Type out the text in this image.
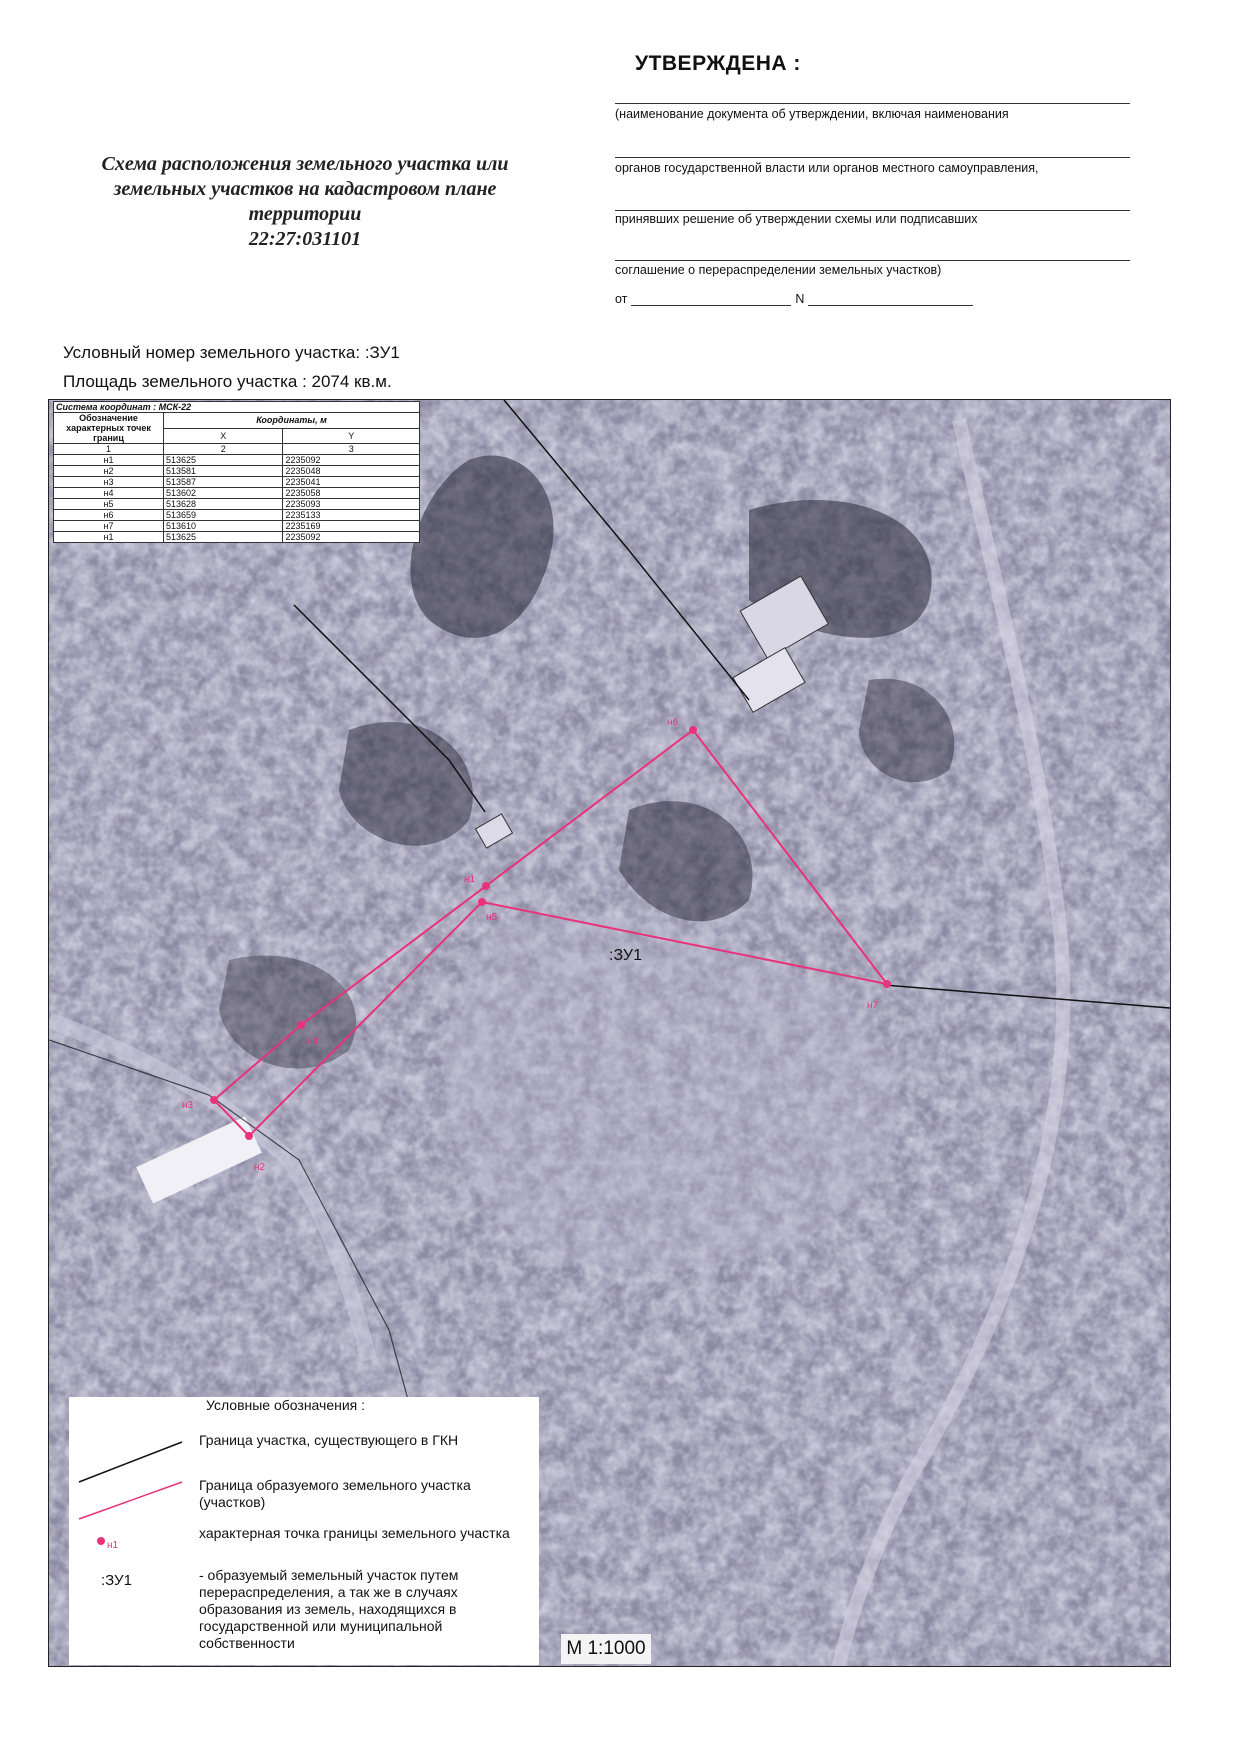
УТВЕРЖДЕНА :
(наименование документа об утверждении, включая наименования
органов государственной власти или органов местного самоуправления,
принявших решение об утверждении схемы или подписавших
соглашение о перераспределении земельных участков)
от	N
Схема расположения земельного участка или
земельных участков на кадастровом плане
территории
22:27:031101
Условный номер земельного участка: :ЗУ1
Площадь земельного участка : 2074 кв.м.
н1
н2
н3
н4
н5
н6
н7
:ЗУ1
Система координат : МСК-22		
Обозначение характерных точек границ	Координаты, м	
	X	Y
1	2	3
н1	513625	2235092
н2	513581	2235048
н3	513587	2235041
н4	513602	2235058
н5	513628	2235093
н6	513659	2235133
н7	513610	2235169
н1	513625	2235092
Условные обозначения :
Граница участка, существующего в ГКН
Граница образуемого земельного участка (участков)
н1
характерная точка границы земельного участка
:ЗУ1	- образуемый земельный участок путем перераспределения, а так же в случаях образования из земель, находящихся в государственной или муниципальной собственности	М 1:1000
